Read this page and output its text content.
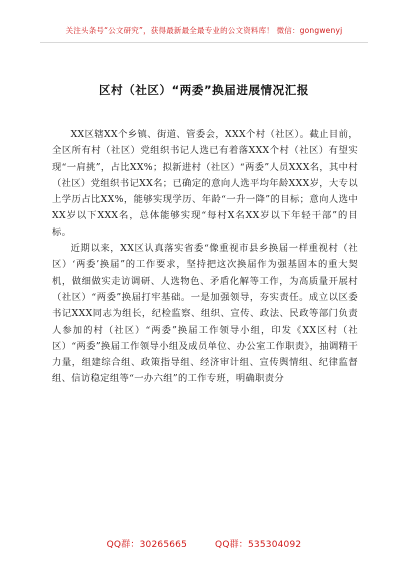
关注头条号“公文研究”，获得最新最全最专业的公文资料库！ 微信：gongwenyj
区村（社区）“两委”换届进展情况汇报

XX区辖XX个乡镇、街道、管委会，XXX个村（社区）。截止目前，全区所有村（社区）党组织书记人选已有着落XXX个村（社区）有望实现“一肩挑”，占比XX%；拟新进村（社区）“两委”人员XXX名，其中村（社区）党组织书记XX名；已确定的意向人选平均年龄XXX岁，大专以上学历占比XX%，能够实现学历、年龄“一升一降”的目标；意向人选中XX岁以下XXX名，总体能够实现“每村X名XX岁以下年轻干部”的目标。

近期以来，XX区认真落实省委“像重视市县乡换届一样重视村（社区）‘两委’换届”的工作要求，坚持把这次换届作为强基固本的重大契机，做细做实走访调研、人选物色、矛盾化解等工作，为高质量开展村（社区）“两委”换届打牢基础。一是加强领导，夯实责任。成立以区委书记XXX同志为组长，纪检监察、组织、宣传、政法、民政等部门负责人参加的村（社区）“两委”换届工作领导小组，印发《XX区村（社区）“两委”换届工作领导小组及成员单位、办公室工作职责》，抽调精干力量，组建综合组、政策指导组、经济审计组、宣传舆情组、纪律监督组、信访稳定组等“一办六组”的工作专班，明确职责分

QQ群：30265665	QQ群：535304092
